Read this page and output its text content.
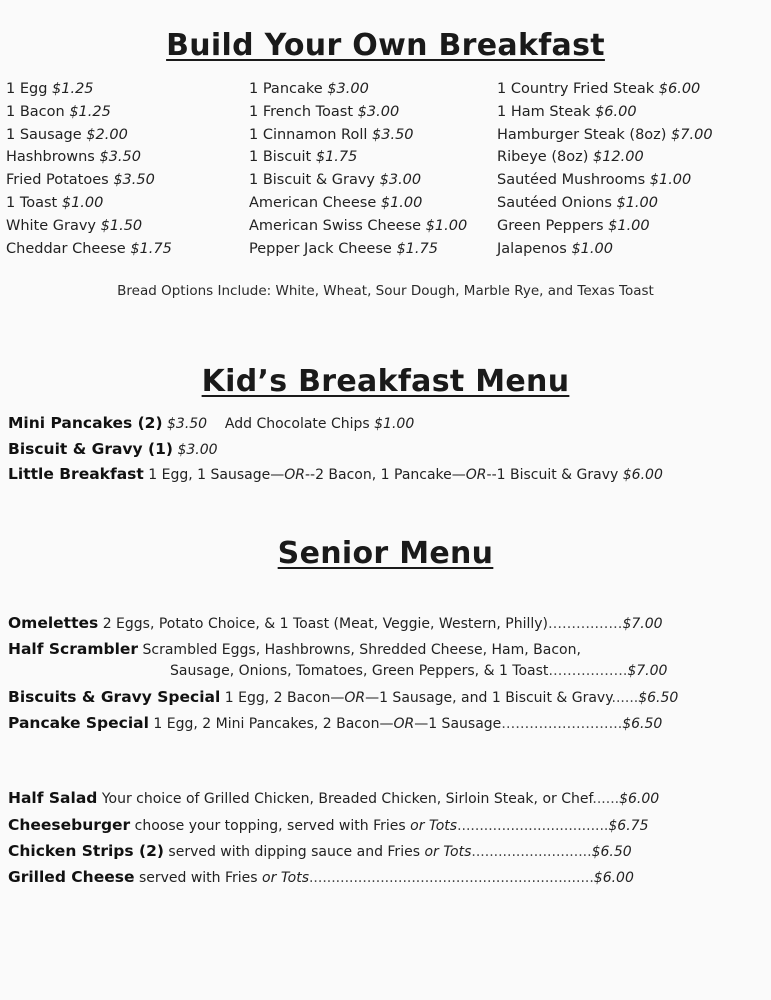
Build Your Own Breakfast
1 Egg $1.25
1 Bacon $1.25
1 Sausage $2.00
Hashbrowns $3.50
Fried Potatoes $3.50
1 Toast $1.00
White Gravy $1.50
Cheddar Cheese $1.75
1 Pancake $3.00
1 French Toast $3.00
1 Cinnamon Roll $3.50
1 Biscuit $1.75
1 Biscuit & Gravy $3.00
American Cheese $1.00
American Swiss Cheese $1.00
Pepper Jack Cheese $1.75
1 Country Fried Steak $6.00
1 Ham Steak $6.00
Hamburger Steak (8oz) $7.00
Ribeye (8oz) $12.00
Sautéed Mushrooms $1.00
Sautéed Onions $1.00
Green Peppers $1.00
Jalapenos $1.00
Bread Options Include: White, Wheat, Sour Dough, Marble Rye, and Texas Toast
Kid’s Breakfast Menu
Mini Pancakes (2) $3.50 Add Chocolate Chips $1.00
Biscuit & Gravy (1) $3.00
Little Breakfast 1 Egg, 1 Sausage—OR--2 Bacon, 1 Pancake—OR--1 Biscuit & Gravy $6.00
Senior Menu
Omelettes 2 Eggs, Potato Choice, & 1 Toast (Meat, Veggie, Western, Philly)……….……$7.00
Half Scrambler Scrambled Eggs, Hashbrowns, Shredded Cheese, Ham, Bacon,
Sausage, Onions, Tomatoes, Green Peppers, & 1 Toast……….…….$7.00
Biscuits & Gravy Special 1 Egg, 2 Bacon—OR—1 Sausage, and 1 Biscuit & Gravy......$6.50
Pancake Special 1 Egg, 2 Mini Pancakes, 2 Bacon—OR—1 Sausage……………………..$6.50
Half Salad Your choice of Grilled Chicken, Breaded Chicken, Sirloin Steak, or Chef......$6.00
Cheeseburger choose your topping, served with Fries or Tots..................................$6.75
Chicken Strips (2) served with dipping sauce and Fries or Tots...........................$6.50
Grilled Cheese served with Fries or Tots................................................................$6.00
